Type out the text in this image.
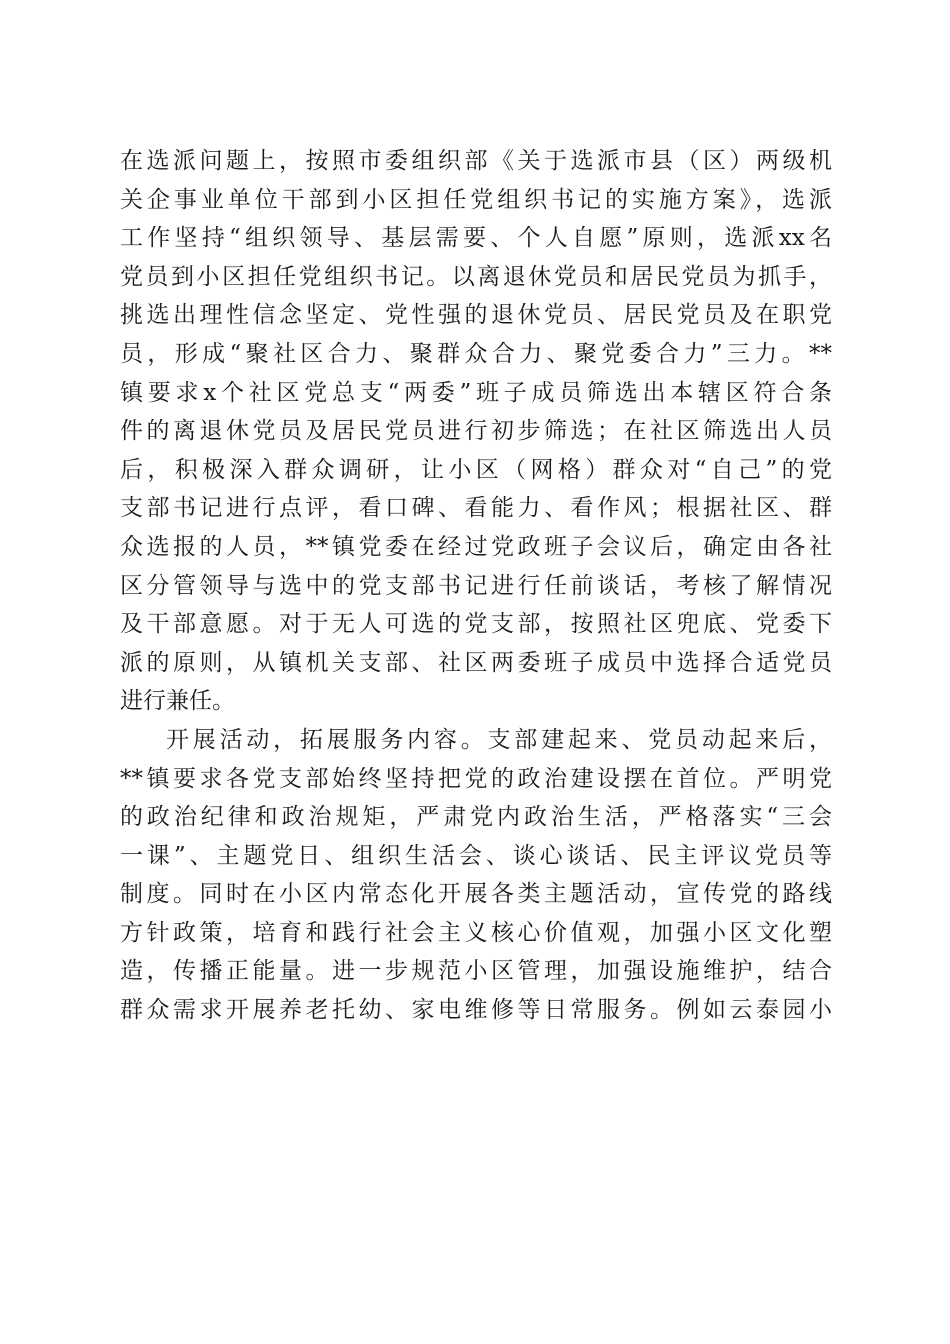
在选派问题上，按照市委组织部《关于选派市县（区）两级机
关企事业单位干部到小区担任党组织书记的实施方案》，选派
工作坚持“组织领导、基层需要、个人自愿”原则，选派xx名
党员到小区担任党组织书记。以离退休党员和居民党员为抓手，
挑选出理性信念坚定、党性强的退休党员、居民党员及在职党
员，形成“聚社区合力、聚群众合力、聚党委合力”三力。**
镇要求x个社区党总支“两委”班子成员筛选出本辖区符合条
件的离退休党员及居民党员进行初步筛选；在社区筛选出人员
后，积极深入群众调研，让小区（网格）群众对“自己”的党
支部书记进行点评，看口碑、看能力、看作风；根据社区、群
众选报的人员，**镇党委在经过党政班子会议后，确定由各社
区分管领导与选中的党支部书记进行任前谈话，考核了解情况
及干部意愿。对于无人可选的党支部，按照社区兜底、党委下
派的原则，从镇机关支部、社区两委班子成员中选择合适党员
进行兼任。
开展活动，拓展服务内容。支部建起来、党员动起来后，
**镇要求各党支部始终坚持把党的政治建设摆在首位。严明党
的政治纪律和政治规矩，严肃党内政治生活，严格落实“三会
一课”、主题党日、组织生活会、谈心谈话、民主评议党员等
制度。同时在小区内常态化开展各类主题活动，宣传党的路线
方针政策，培育和践行社会主义核心价值观，加强小区文化塑
造，传播正能量。进一步规范小区管理，加强设施维护，结合
群众需求开展养老托幼、家电维修等日常服务。例如云泰园小
